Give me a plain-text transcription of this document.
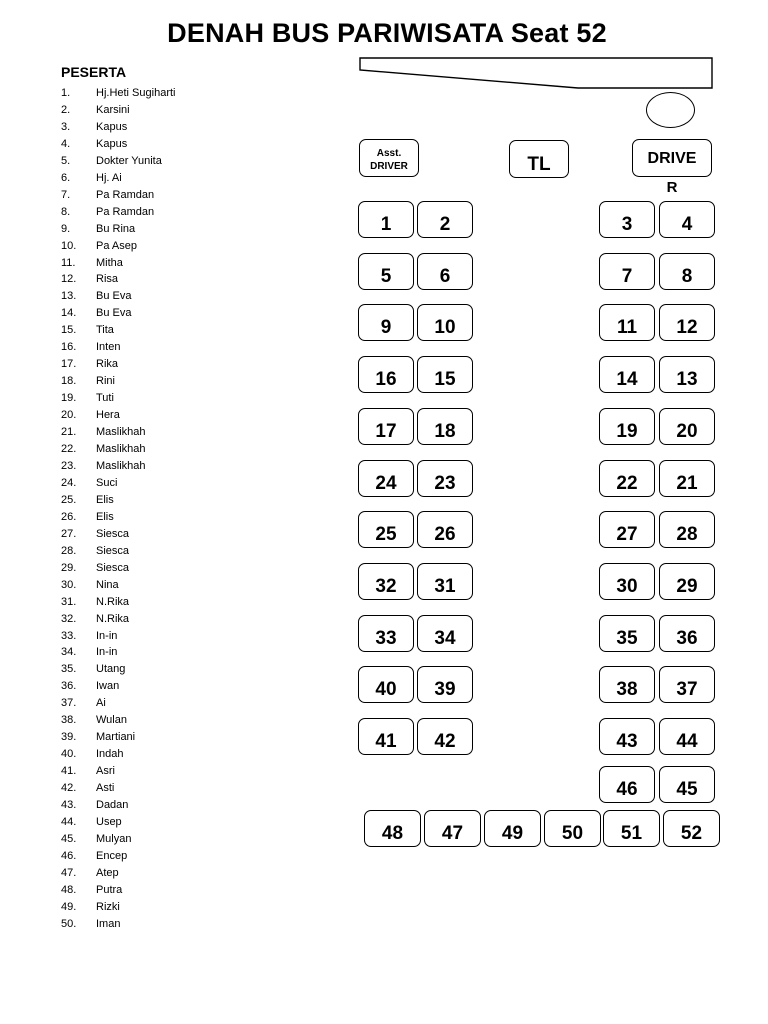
DENAH BUS PARIWISATA Seat 52
PESERTA
1. Hj.Heti Sugiharti
2. Karsini
3. Kapus
4. Kapus
5. Dokter Yunita
6. Hj. Ai
7. Pa Ramdan
8. Pa Ramdan
9. Bu Rina
10. Pa Asep
11. Mitha
12. Risa
13. Bu Eva
14. Bu Eva
15. Tita
16. Inten
17. Rika
18. Rini
19. Tuti
20. Hera
21. Maslikhah
22. Maslikhah
23. Maslikhah
24. Suci
25. Elis
26. Elis
27. Siesca
28. Siesca
29. Siesca
30. Nina
31. N.Rika
32. N.Rika
33. In-in
34. In-in
35. Utang
36. Iwan
37. Ai
38. Wulan
39. Martiani
40. Indah
41. Asri
42. Asti
43. Dadan
44. Usep
45. Mulyan
46. Encep
47. Atep
48. Putra
49. Rizki
50. Iman
Asst.
DRIVER	TL	DRIVE
R
1	2	3	4
5	6	7	8
9	10	11	12
16	15	14	13
17	18	19	20
24	23	22	21
25	26	27	28
32	31	30	29
33	34	35	36
40	39	38	37
41	42	43	44
46	45
48	47	49	50	51	52
